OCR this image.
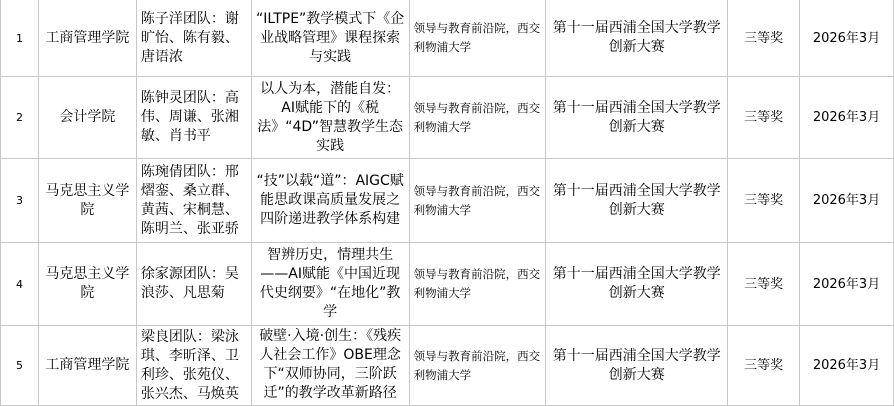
1	工商管理学院	陈子洋团队：谢旷怡、陈有毅、唐语浓	“ILTPE”教学模式下《企业战略管理》课程探索与实践	领导与教育前沿院，西交利物浦大学	第十一届西浦全国大学教学创新大赛	三等奖	2026年3月
2	会计学院	陈钟灵团队：高伟、周谦、张湘敏、肖书平	以人为本，潜能自发：AI赋能下的《税法》“4D”智慧教学生态实践	领导与教育前沿院，西交利物浦大学	第十一届西浦全国大学教学创新大赛	三等奖	2026年3月
3	马克思主义学院	陈琬倩团队：邢熠銮、桑立群、黄茜、宋桐慧、陈明兰、张亚骄	“技”以载“道”：AIGC赋能思政课高质量发展之四阶递进教学体系构建	领导与教育前沿院，西交利物浦大学	第十一届西浦全国大学教学创新大赛	三等奖	2026年3月
4	马克思主义学院	徐家源团队：吴浪莎、凡思菊	智辨历史，情理共生——AI赋能《中国近现代史纲要》“在地化”教学	领导与教育前沿院，西交利物浦大学	第十一届西浦全国大学教学创新大赛	三等奖	2026年3月
5	工商管理学院	梁良团队：梁泳琪、李昕泽、卫利珍、张苑仪、张兴杰、马焕英	破壁·入境·创生：《残疾人社会工作》OBE理念下“双师协同，三阶跃迁”的教学改革新路径	领导与教育前沿院，西交利物浦大学	第十一届西浦全国大学教学创新大赛	三等奖	2026年3月
